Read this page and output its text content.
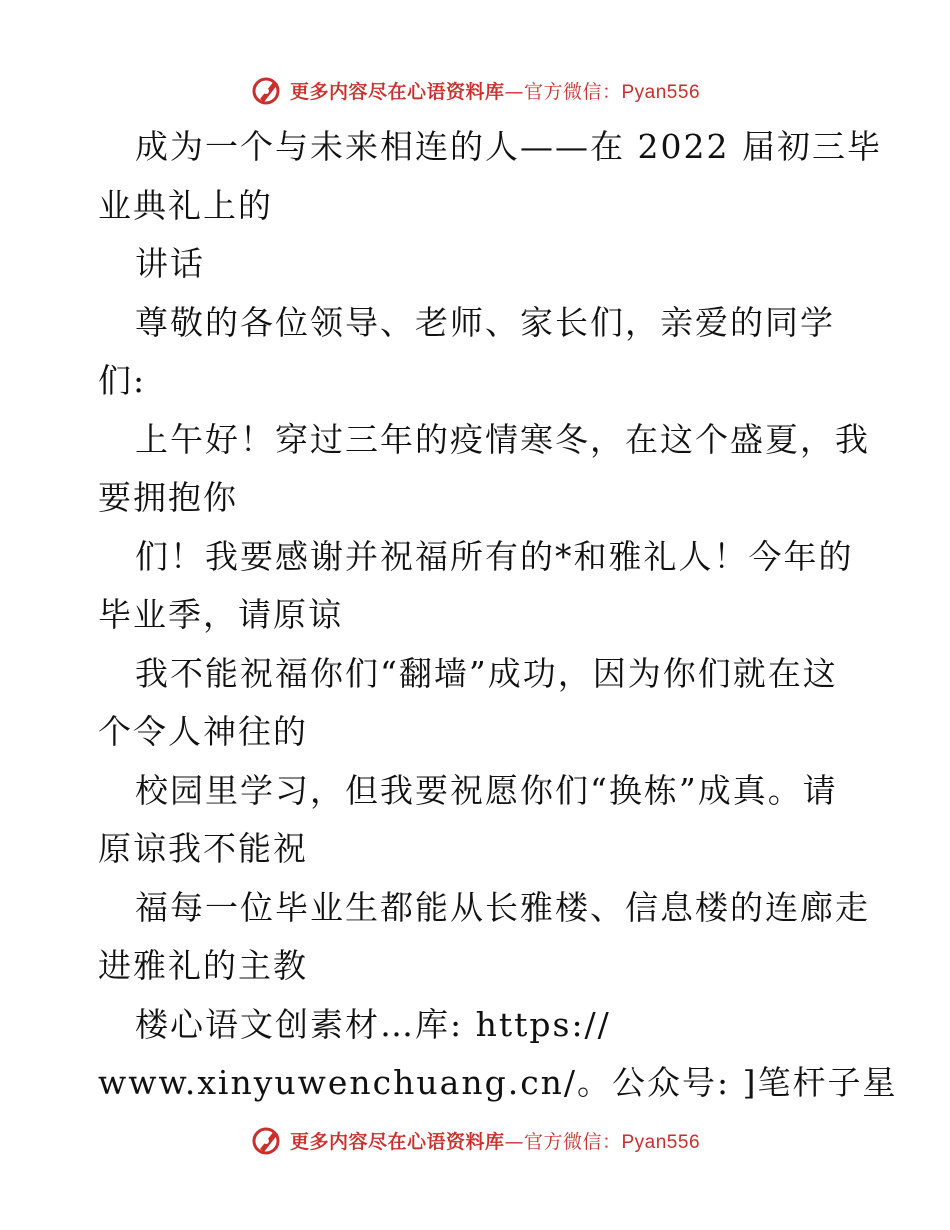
更多内容尽在心语资料库—官方微信：Pyan556
成为一个与未来相连的人——在 2022 届初三毕
业典礼上的
讲话
尊敬的各位领导、老师、家长们，亲爱的同学
们:
上午好！穿过三年的疫情寒冬，在这个盛夏，我
要拥抱你
们！我要感谢并祝福所有的*和雅礼人！今年的
毕业季，请原谅
我不能祝福你们“翻墙”成功，因为你们就在这
个令人神往的
校园里学习，但我要祝愿你们“换栋”成真。请
原谅我不能祝
福每一位毕业生都能从长雅楼、信息楼的连廊走
进雅礼的主教
楼心语文创素材…库: https://
www.xinyuwenchuang.cn/。公众号: ]笔杆子星
更多内容尽在心语资料库—官方微信：Pyan556
